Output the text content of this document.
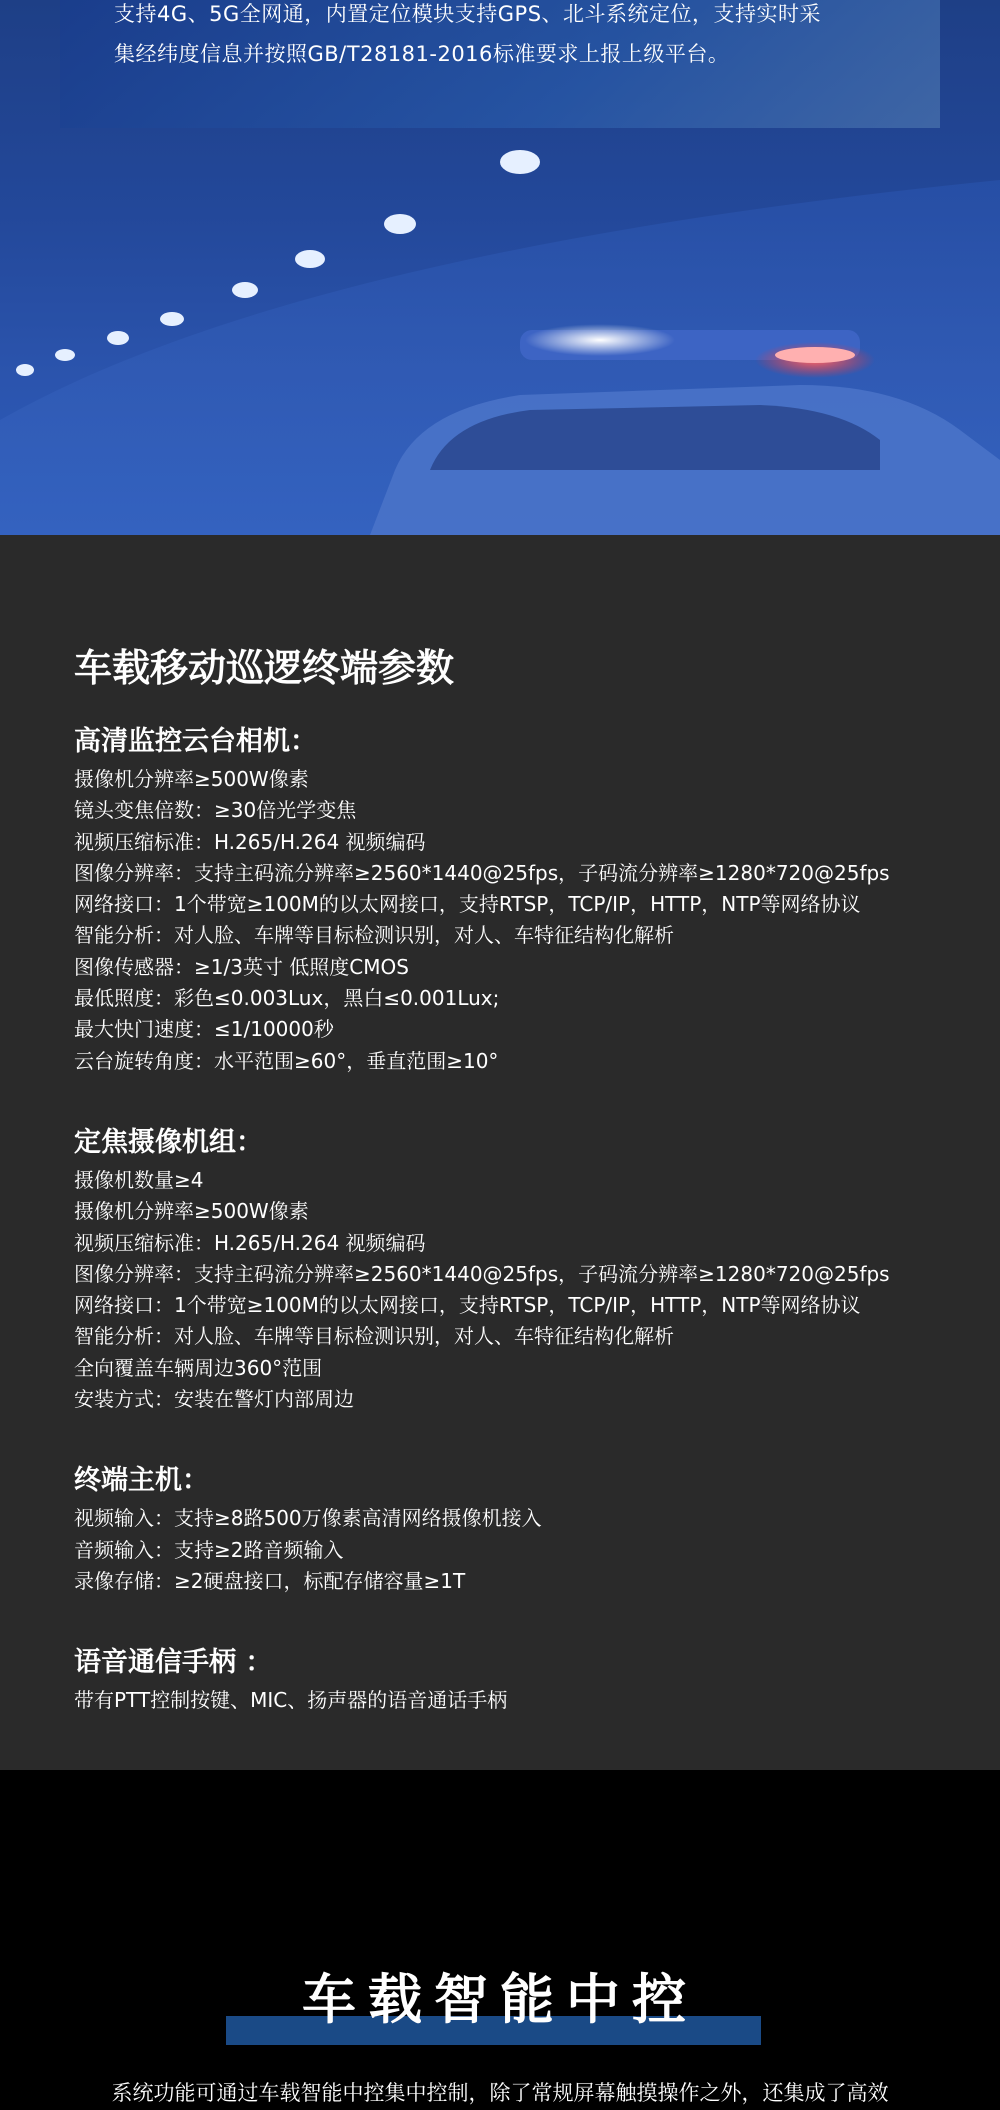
支持4G、5G全网通，内置定位模块支持GPS、北斗系统定位，支持实时采

集经纬度信息并按照GB/T28181-2016标准要求上报上级平台。

车载移动巡逻终端参数
高清监控云台相机：

摄像机分辨率≥500W像素

镜头变焦倍数：≥30倍光学变焦

视频压缩标准：H.265/H.264 视频编码

图像分辨率：支持主码流分辨率≥2560*1440@25fps，子码流分辨率≥1280*720@25fps

网络接口：1个带宽≥100M的以太网接口，支持RTSP，TCP/IP，HTTP，NTP等网络协议

智能分析：对人脸、车牌等目标检测识别，对人、车特征结构化解析

图像传感器：≥1/3英寸 低照度CMOS

最低照度：彩色≤0.003Lux，黑白≤0.001Lux;

最大快门速度：≤1/10000秒

云台旋转角度：水平范围≥60°，垂直范围≥10°

定焦摄像机组：

摄像机数量≥4

摄像机分辨率≥500W像素

视频压缩标准：H.265/H.264 视频编码

图像分辨率：支持主码流分辨率≥2560*1440@25fps，子码流分辨率≥1280*720@25fps

网络接口：1个带宽≥100M的以太网接口，支持RTSP，TCP/IP，HTTP，NTP等网络协议

智能分析：对人脸、车牌等目标检测识别，对人、车特征结构化解析

全向覆盖车辆周边360°范围

安装方式：安装在警灯内部周边

终端主机：

视频输入：支持≥8路500万像素高清网络摄像机接入

音频输入：支持≥2路音频输入

录像存储：≥2硬盘接口，标配存储容量≥1T

语音通信手柄 ：

带有PTT控制按键、MIC、扬声器的语音通话手柄

车载智能中控

系统功能可通过车载智能中控集中控制，除了常规屏幕触摸操作之外，还集成了高效
